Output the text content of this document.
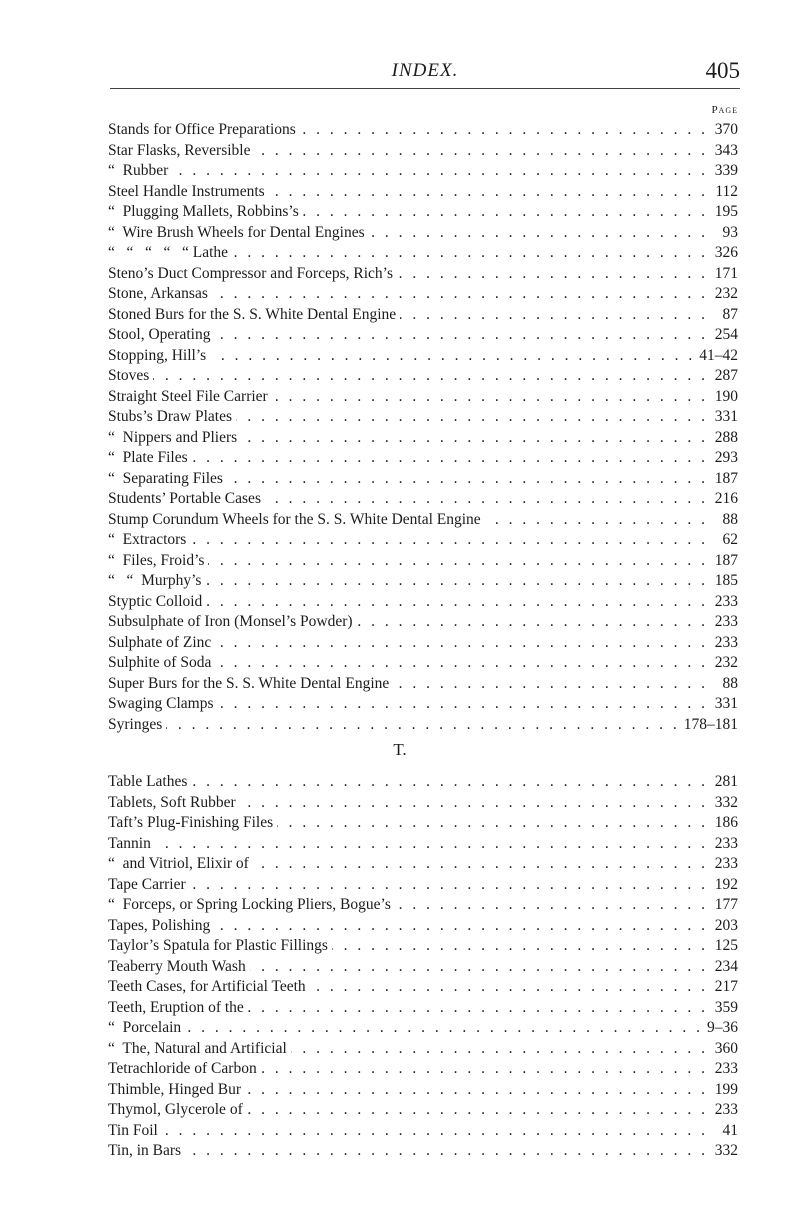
INDEX.	405
Page
Stands for Office Preparations . . .	370
Star Flasks, Reversible . . .	343
“  Rubber . . .	339
Steel Handle Instruments . . .	112
“  Plugging Mallets, Robbins’s . . .	195
“  Wire Brush Wheels for Dental Engines . . .	93
“   “   “   “   “ Lathe . . .	326
Steno’s Duct Compressor and Forceps, Rich’s . . .	171
Stone, Arkansas . . .	232
Stoned Burs for the S. S. White Dental Engine . . .	87
Stool, Operating . . .	254
Stopping, Hill’s . . .	41–42
Stoves . . .	287
Straight Steel File Carrier . . .	190
Stubs’s Draw Plates . . .	331
“  Nippers and Pliers . . .	288
“  Plate Files . . .	293
“  Separating Files . . .	187
Students’ Portable Cases . . .	216
Stump Corundum Wheels for the S. S. White Dental Engine . . .	88
“  Extractors . . .	62
“  Files, Froid’s . . .	187
“   “  Murphy’s . . .	185
Styptic Colloid . . .	233
Subsulphate of Iron (Monsel’s Powder) . . .	233
Sulphate of Zinc . . .	233
Sulphite of Soda . . .	232
Super Burs for the S. S. White Dental Engine . . .	88
Swaging Clamps . . .	331
Syringes . . .	178–181
T.
Table Lathes . . .	281
Tablets, Soft Rubber . . .	332
Taft’s Plug-Finishing Files . . .	186
Tannin . . .	233
“  and Vitriol, Elixir of . . .	233
Tape Carrier . . .	192
“  Forceps, or Spring Locking Pliers, Bogue’s . . .	177
Tapes, Polishing . . .	203
Taylor’s Spatula for Plastic Fillings . . .	125
Teaberry Mouth Wash . . .	234
Teeth Cases, for Artificial Teeth . . .	217
Teeth, Eruption of the . . .	359
“  Porcelain . . .	9–36
“  The, Natural and Artificial . . .	360
Tetrachloride of Carbon . . .	233
Thimble, Hinged Bur . . .	199
Thymol, Glycerole of . . .	233
Tin Foil . . .	41
Tin, in Bars . . .	332
